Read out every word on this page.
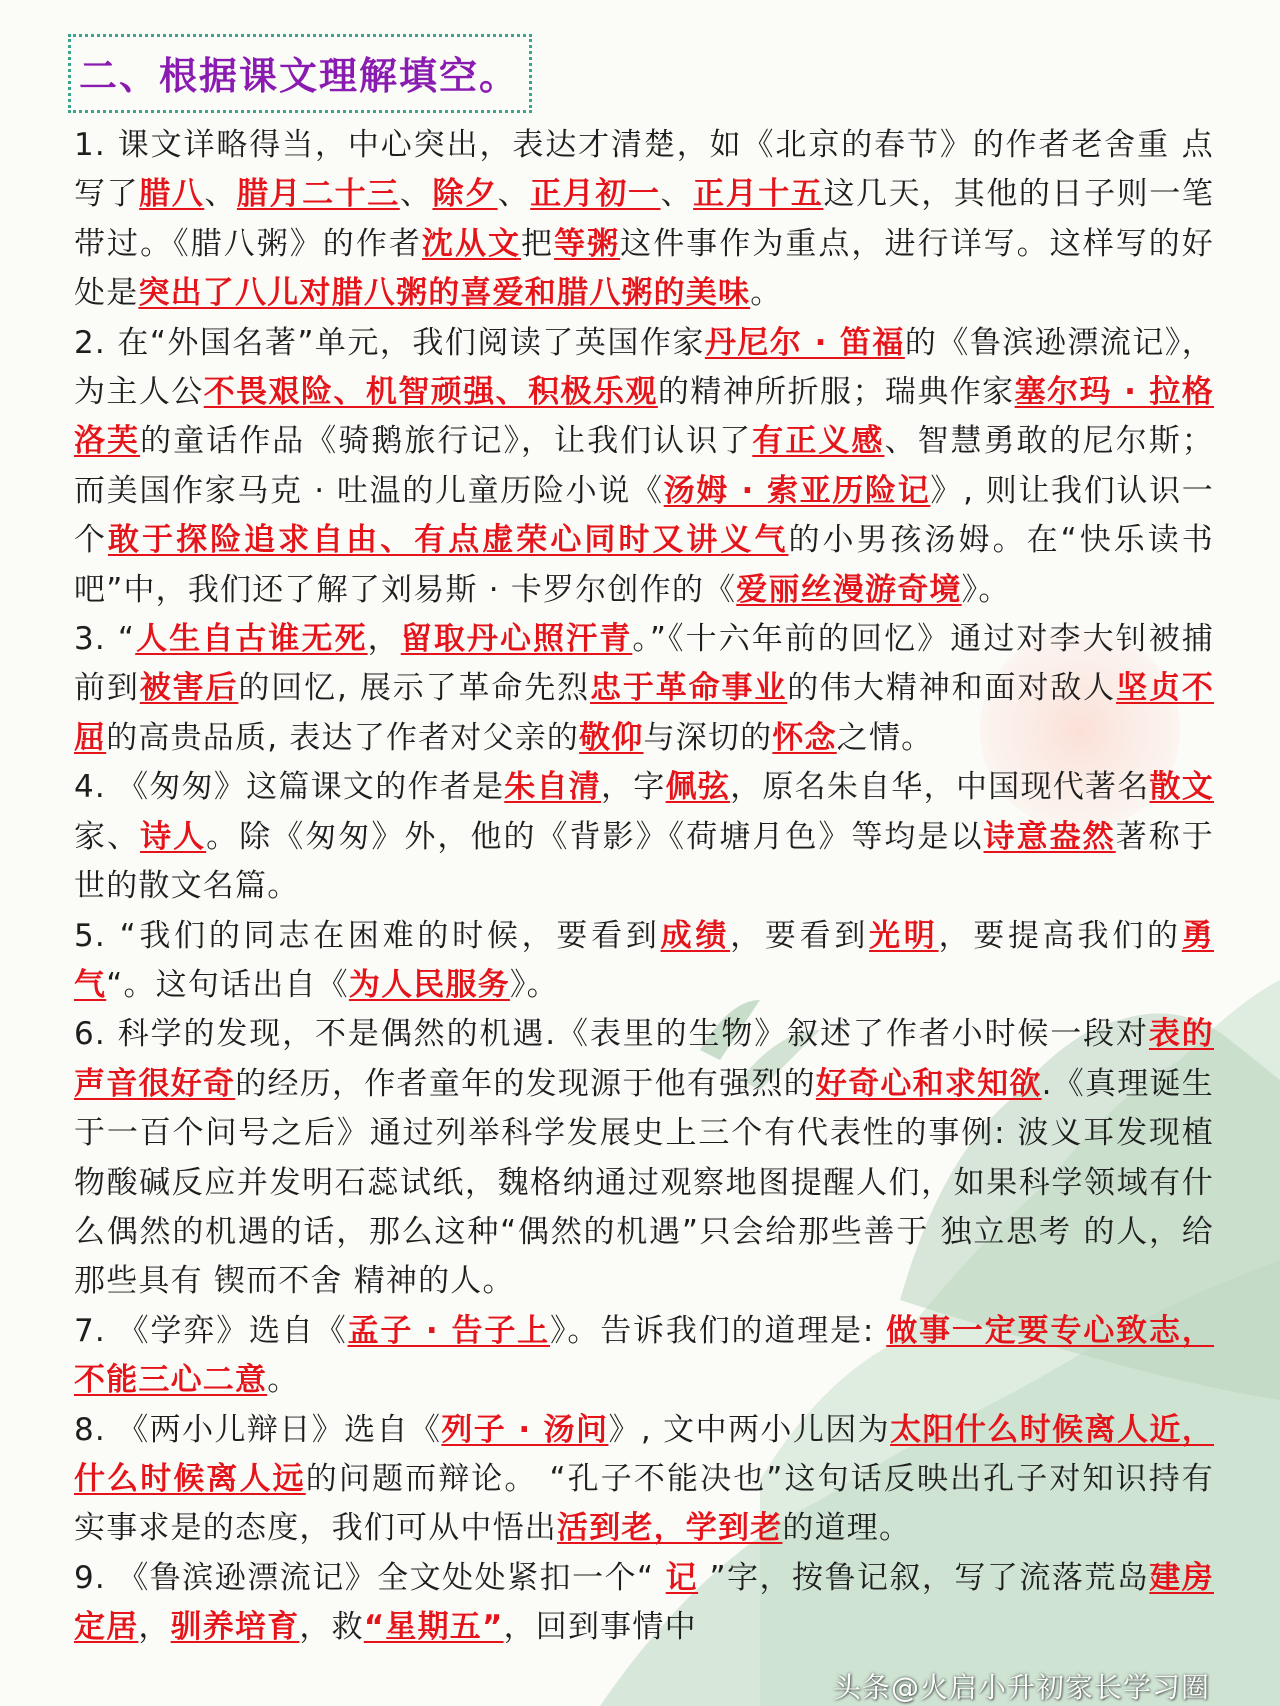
二、根据课文理解填空。

1. 课文详略得当，中心突出，表达才清楚，如《北京的春节》的作者老舍重 点写了腊八、腊月二十三、除夕、正月初一、正月十五这几天，其他的日子则一笔带过。《腊八粥》的作者沈从文把等粥这件事作为重点，进行详写。这样写的好处是突出了八儿对腊八粥的喜爱和腊八粥的美味。

2. 在“外国名著”单元，我们阅读了英国作家丹尼尔 · 笛福的《鲁滨逊漂流记》，为主人公不畏艰险、机智顽强、积极乐观的精神所折服；瑞典作家塞尔玛 · 拉格洛芙的童话作品《骑鹅旅行记》，让我们认识了有正义感、智慧勇敢的尼尔斯；而美国作家马克 · 吐温的儿童历险小说《汤姆 · 索亚历险记》, 则让我们认识一个敢于探险追求自由、有点虚荣心同时又讲义气的小男孩汤姆。在“快乐读书吧”中，我们还了解了刘易斯 · 卡罗尔创作的《爱丽丝漫游奇境》。

3. “人生自古谁无死，留取丹心照汗青。”《十六年前的回忆》通过对李大钊被捕前到被害后的回忆, 展示了革命先烈忠于革命事业的伟大精神和面对敌人坚贞不屈的高贵品质, 表达了作者对父亲的敬仰与深切的怀念之情。

4. 《匆匆》这篇课文的作者是朱自清，字佩弦，原名朱自华，中国现代著名散文家、诗人。除《匆匆》外，他的《背影》《荷塘月色》等均是以诗意盎然著称于世的散文名篇。

5. “我们的同志在困难的时候，要看到成绩，要看到光明，要提高我们的勇气“。这句话出自《为人民服务》。

6. 科学的发现，不是偶然的机遇.《表里的生物》叙述了作者小时候一段对表的声音很好奇的经历，作者童年的发现源于他有强烈的好奇心和求知欲.《真理诞生于一百个问号之后》通过列举科学发展史上三个有代表性的事例: 波义耳发现植物酸碱反应并发明石蕊试纸，魏格纳通过观察地图提醒人们，如果科学领域有什么偶然的机遇的话，那么这种“偶然的机遇”只会给那些善于 独立思考 的人，给那些具有 锲而不舍 精神的人。

7. 《学弈》选自《孟子 · 告子上》。告诉我们的道理是: 做事一定要专心致志，不能三心二意。

8. 《两小儿辩日》选自《列子 · 汤问》, 文中两小儿因为太阳什么时候离人近，什么时候离人远的问题而辩论。 “孔子不能决也”这句话反映出孔子对知识持有实事求是的态度，我们可从中悟出活到老，学到老的道理。

9. 《鲁滨逊漂流记》全文处处紧扣一个“ 记 ”字，按鲁记叙，写了流落荒岛建房定居，驯养培育，救“星期五”，回到事情中

头条@火启小升初家长学习圈
